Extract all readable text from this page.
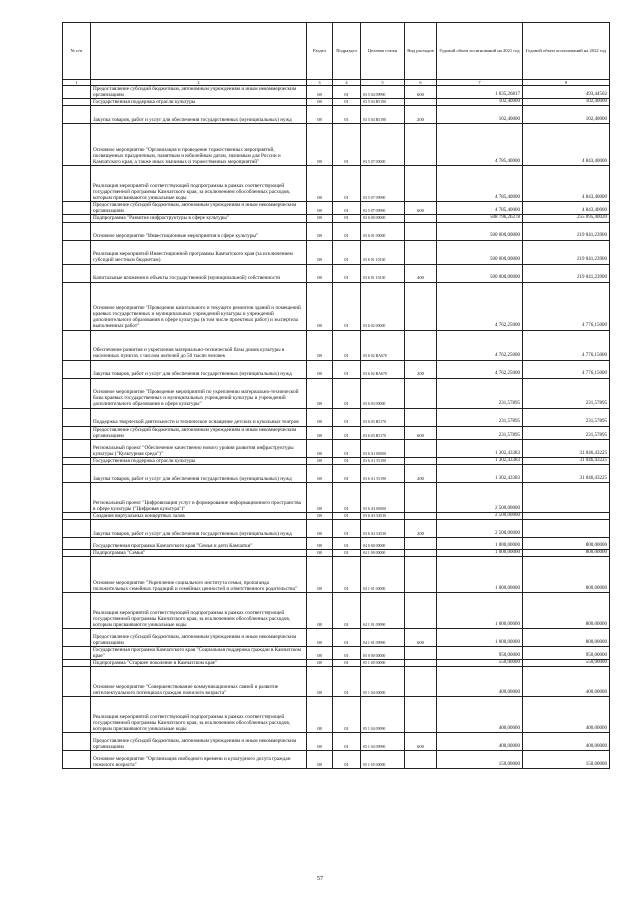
№ п/п		Раздел	Подраздел	Целевая статья	Вид расходов	Годовой объем ассигнований на 2021 год	Годовой объем ассигнований на 2022 год
1	2	3	4	5	6	7	8
	Предоставление субсидий бюджетным, автономным учреждениям и иным некоммерческим организациям	08	01	03 5 04 09990	600	1 035,26817	493,44502
	Государственная поддержка отрасли культуры	08	01	03 5 04 R5190		102,40000	102,40000
	Закупка товаров, работ и услуг для обеспечения государственных (муниципальных) нужд	08	01	03 5 04 R5190	200	102,40000	102,40000
	Основное мероприятие "Организация и проведение торжественных мероприятий, посвященных праздничным, памятным и юбилейным датам, значимым для России и Камчатского края, а также иных значимых и торжественных мероприятий"	08	01	03 5 07 00000		4 785,40000	4 843,40000
	Реализация мероприятий соответствующей подпрограммы в рамках соответствующей государственной программы Камчатского края, за исключением обособленных расходов, которым присваиваются уникальные коды	08	01	03 5 07 09990		4 785,40000	4 843,40000
	Предоставление субсидий бюджетным, автономным учреждениям и иным некоммерческим организациям	08	01	03 5 07 09990	600	4 785,40000	4 843,40000
	Подпрограмма "Развитие инфраструктуры в сфере культуры"	08	01	03 6 00 00000		508 796,26278	255 095,40020
	Основное мероприятие "Инвестиционные мероприятия в сфере культуры"	08	01	03 6 01 00000		500 000,00000	219 041,23900
	Реализация мероприятий Инвестиционной программы Камчатского края (за исключением субсидий местным бюджетам)	08	01	03 6 01 10130		500 000,00000	219 041,23900
	Капитальные вложения в объекты государственной (муниципальной) собственности	08	01	03 6 01 10130	400	500 000,00000	219 041,23900
	Основное мероприятие "Проведение капитального и текущего ремонтов зданий и помещений краевых государственных и муниципальных учреждений культуры и учреждений дополнительного образования в сфере культуры (в том числе проектных работ) и экспертиза выполненных работ"	08	01	03 6 02 00000		4 762,25000	4 776,15000
	Обеспечение развития и укрепления материально-технической базы домов культуры в населенных пунктах с числом жителей до 50 тысяч человек	08	01	03 6 02 RA670		4 762,25000	4 776,15000
	Закупка товаров, работ и услуг для обеспечения государственных (муниципальных) нужд	08	01	03 6 02 RA670	200	4 762,25000	4 776,15000
	Основное мероприятие "Проведение мероприятий по укреплению материально-технической базы краевых государственных и муниципальных учреждений культуры и учреждений дополнительного образования в сфере культуры"	08	01	03 6 03 00000		231,57895	231,57895
	Поддержка творческой деятельности и техническое оснащение детских и кукольных театров	08	01	03 6 03 R5170		231,57895	231,57895
	Предоставление субсидий бюджетным, автономным учреждениям и иным некоммерческим организациям	08	01	03 6 03 R5170	600	231,57895	231,57895
	Региональный проект "Обеспечение качественно нового уровня развития инфраструктуры культуры ("Культурная среда")"	08	01	03 6 A1 00000		1 302,43383	31 046,43225
	Государственная поддержка отрасли культуры	08	01	03 6 A1 55190		1 302,43383	31 046,43225
	Закупка товаров, работ и услуг для обеспечения государственных (муниципальных) нужд	08	01	03 6 A1 55190	200	1 302,43383	31 046,43225
	Региональный проект "Цифровизация услуг и формирование информационного пространства в сфере культуры ("Цифровая культура")"	08	01	03 6 A3 00000		2 500,00000	
	Создание виртуальных концертных залов	08	01	03 6 A3 54530		2 500,00000	
	Закупка товаров, работ и услуг для обеспечения государственных (муниципальных) нужд	08	01	03 6 A3 54530	200	2 500,00000	
	Государственная программа Камчатского края "Семья и дети Камчатки"	08	01	04 0 00 00000		1 000,00000	800,00000
	Подпрограмма "Семья"	08	01	04 1 00 00000		1 000,00000	800,00000
	Основное мероприятие "Укрепление социального института семьи, пропаганда положительных семейных традиций и семейных ценностей и ответственного родительства"	08	01	04 1 01 00000		1 000,00000	800,00000
	Реализация мероприятий соответствующей подпрограммы в рамках соответствующей государственной программы Камчатского края, за исключением обособленных расходов, которым присваиваются уникальные коды	08	01	04 1 01 09990		1 000,00000	800,00000
	Предоставление субсидий бюджетным, автономным учреждениям и иным некоммерческим организациям	08	01	04 1 01 09990	600	1 000,00000	800,00000
	Государственная программа Камчатского края "Социальная поддержка граждан в Камчатском крае"	08	01	05 0 00 00000		950,00000	950,00000
	Подпрограмма "Старшее поколение в Камчатском крае"	08	01	05 1 00 00000		550,00000	550,00000
	Основное мероприятие "Совершенствование коммуникационных связей и развитие интеллектуального потенциала граждан пожилого возраста"	08	01	05 1 04 00000		400,00000	400,00000
	Реализация мероприятий соответствующей подпрограммы в рамках соответствующей государственной программы Камчатского края, за исключением обособленных расходов, которым присваиваются уникальные коды	08	01	05 1 04 09990		400,00000	400,00000
	Предоставление субсидий бюджетным, автономным учреждениям и иным некоммерческим организациям	08	01	05 1 04 09990	600	400,00000	400,00000
	Основное мероприятие "Организация свободного времени и культурного досуга граждан пожилого возраста"	08	01	05 1 05 00000		150,00000	150,00000
57
